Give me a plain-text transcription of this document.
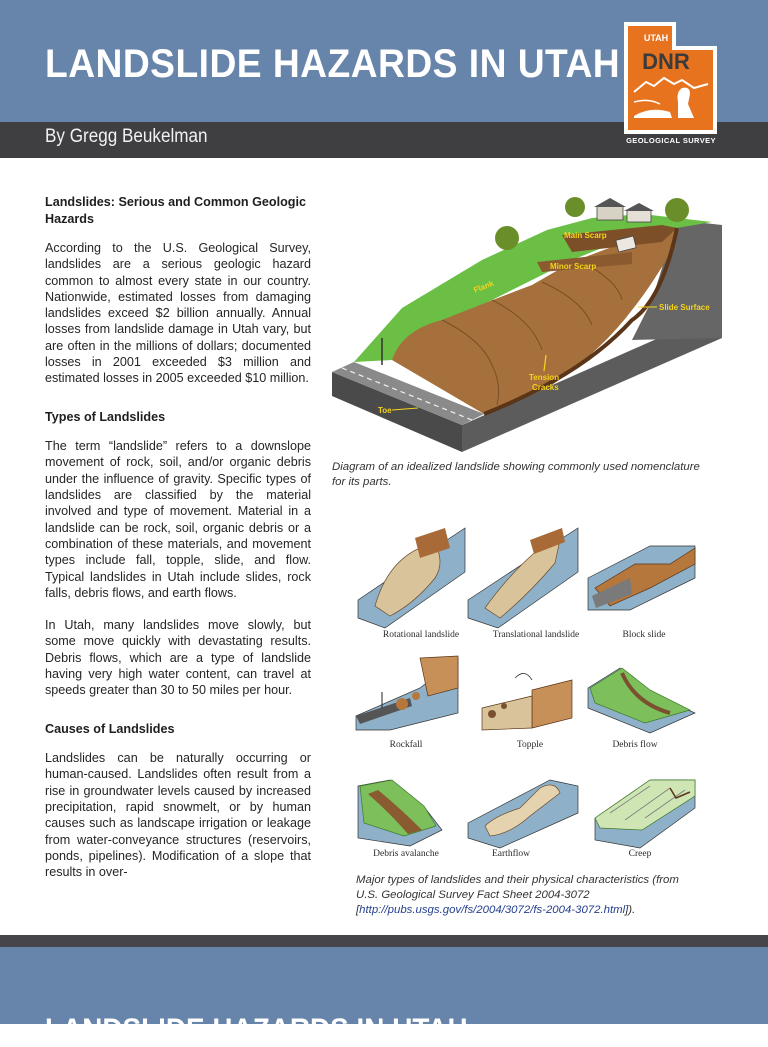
LANDSLIDE HAZARDS IN UTAH
By Gregg Beukelman
UTAH
DNR
GEOLOGICAL SURVEY
Landslides: Serious and Common Geologic Hazards
According to the U.S. Geological Survey, landslides are a serious geologic hazard common to almost every state in our country. Nationwide, estimated losses from damaging landslides exceed $2 billion annually. Annual losses from landslide damage in Utah vary, but are often in the millions of dollars; documented losses in 2001 exceeded $3 million and estimated losses in 2005 exceeded $10 million.
Types of Landslides
The term “landslide” refers to a downslope movement of rock, soil, and/or organic debris under the influence of gravity. Specific types of landslides are classified by the material involved and type of movement. Material in a landslide can be rock, soil, organic debris or a combination of these materials, and movement types include fall, topple, slide, and flow. Typical landslides in Utah include slides, rock falls, debris flows, and earth flows.
In Utah, many landslides move slowly, but some move quickly with devastating results. Debris flows, which are a type of landslide having very high water content, can travel at speeds greater than 30 to 50 miles per hour.
Causes of Landslides
Landslides can be naturally occurring or human-caused. Landslides often result from a rise in groundwater levels caused by increased precipitation, rapid snowmelt, or by human causes such as landscape irrigation or leakage from water-conveyance structures (reservoirs, ponds, pipelines). Modification of a slope that results in over-
Main Scarp
Minor Scarp
Flank
Slide Surface
Tension
Cracks
Toe
Diagram of an idealized landslide showing commonly used nomenclature for its parts.
Rotational landslide	Translational landslide	Block slide
Rockfall	Topple	Debris flow
Debris avalanche	Earthflow	Creep
Major types of landslides and their physical characteristics (from U.S. Geological Survey Fact Sheet 2004-3072 [http://pubs.usgs.gov/fs/2004/3072/fs-2004-3072.html]).
LANDSLIDE HAZARDS IN UTAH
